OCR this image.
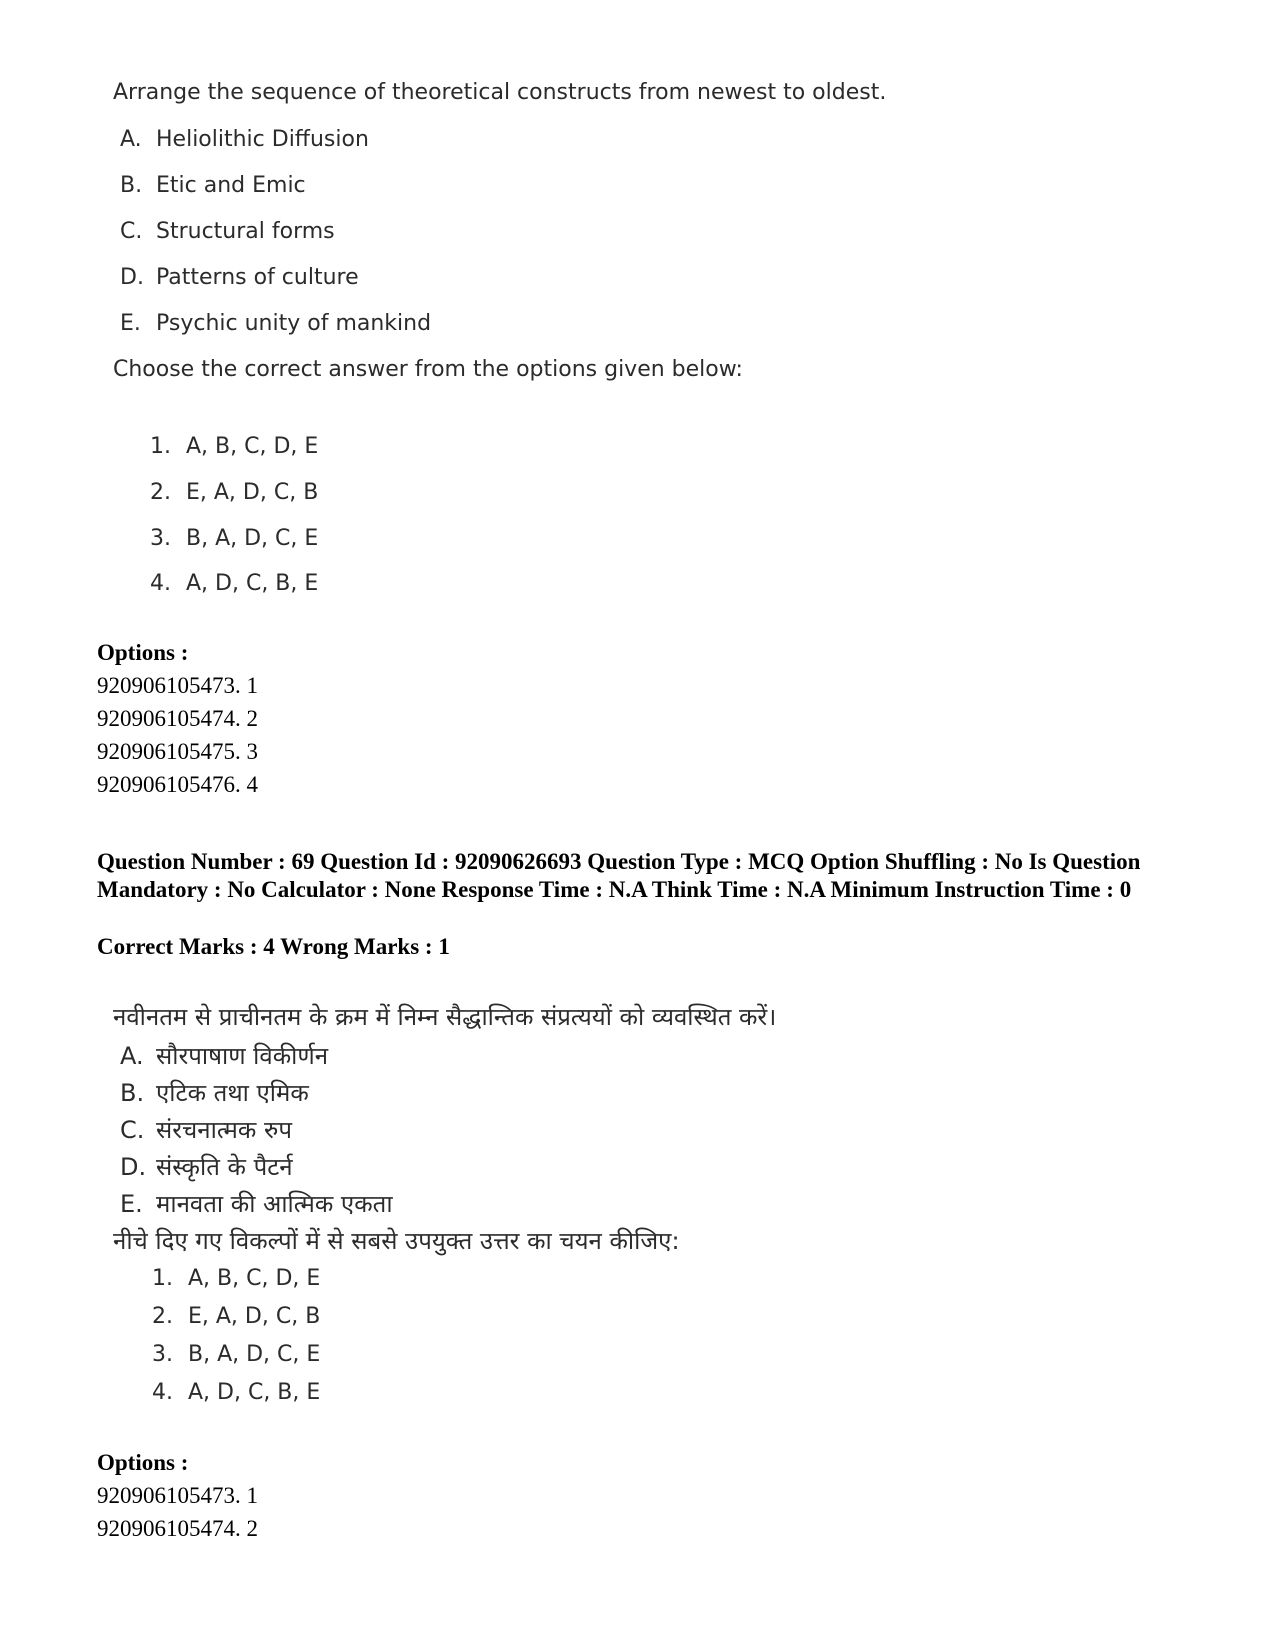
Arrange the sequence of theoretical constructs from newest to oldest.
A. Heliolithic Diffusion
B. Etic and Emic
C. Structural forms
D. Patterns of culture
E. Psychic unity of mankind
Choose the correct answer from the options given below:
1. A, B, C, D, E
2. E, A, D, C, B
3. B, A, D, C, E
4. A, D, C, B, E
Options :
920906105473. 1
920906105474. 2
920906105475. 3
920906105476. 4
Question Number : 69 Question Id : 92090626693 Question Type : MCQ Option Shuffling : No Is Question Mandatory : No Calculator : None Response Time : N.A Think Time : N.A Minimum Instruction Time : 0
Correct Marks : 4 Wrong Marks : 1
नवीनतम से प्राचीनतम के क्रम में निम्न सैद्धान्तिक संप्रत्ययों को व्यवस्थित करें।
A. सौरपाषाण विकीर्णन
B. एटिक तथा एमिक
C. संरचनात्मक रुप
D. संस्कृति के पैटर्न
E. मानवता की आत्मिक एकता
नीचे दिए गए विकल्पों में से सबसे उपयुक्त उत्तर का चयन कीजिए:
1. A, B, C, D, E
2. E, A, D, C, B
3. B, A, D, C, E
4. A, D, C, B, E
Options :
920906105473. 1
920906105474. 2
